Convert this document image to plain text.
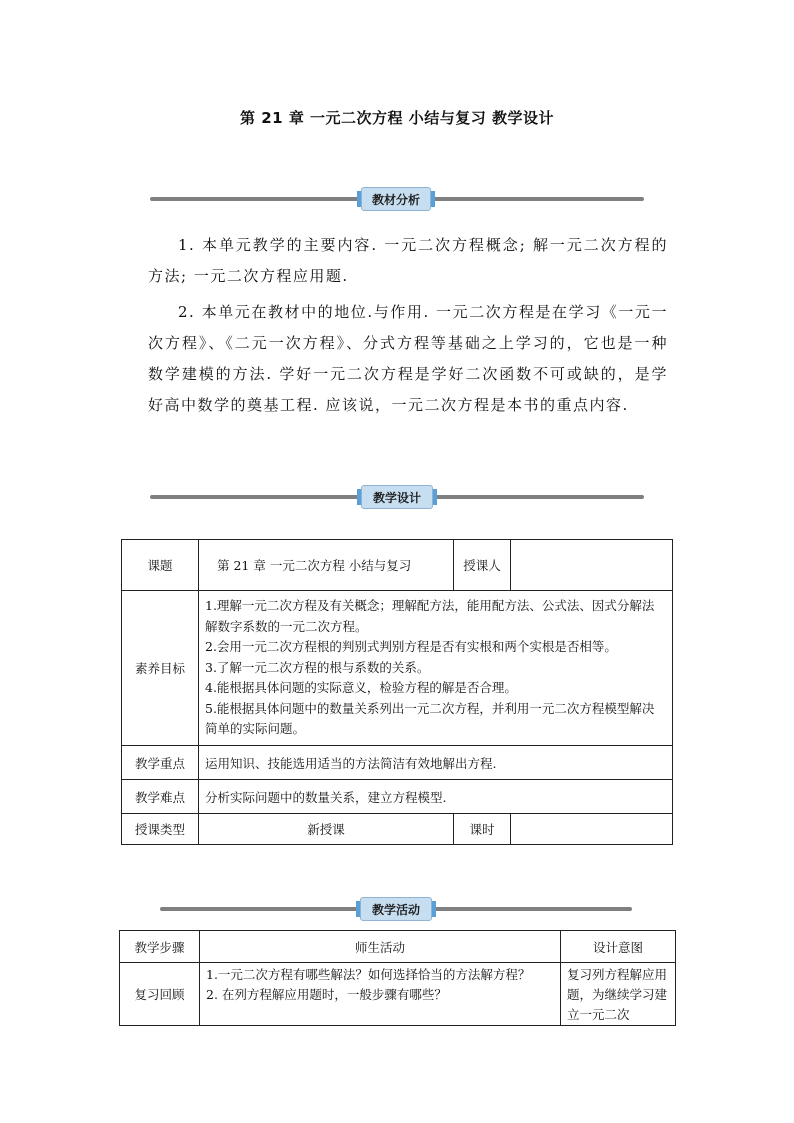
第 21 章 一元二次方程 小结与复习 教学设计
教材分析

1. 本单元教学的主要内容. 一元二次方程概念; 解一元二次方程的方法; 一元二次方程应用题.

2. 本单元在教材中的地位.与作用. 一元二次方程是在学习《一元一次方程》、《二元一次方程》、分式方程等基础之上学习的，它也是一种数学建模的方法. 学好一元二次方程是学好二次函数不可或缺的，是学好高中数学的奠基工程. 应该说，一元二次方程是本书的重点内容.

教学设计
课题	第 21 章 一元二次方程 小结与复习	授课人	
素养目标	1.理解一元二次方程及有关概念；理解配方法，能用配方法、公式法、因式分解法解数字系数的一元二次方程。
2.会用一元二次方程根的判别式判别方程是否有实根和两个实根是否相等。
3.了解一元二次方程的根与系数的关系。
4.能根据具体问题的实际意义，检验方程的解是否合理。
5.能根据具体问题中的数量关系列出一元二次方程，并利用一元二次方程模型解决简单的实际问题。		

教学重点	运用知识、技能选用适当的方法简洁有效地解出方程.		
教学难点	分析实际问题中的数量关系，建立方程模型.		
授课类型	新授课	课时	
教学活动
教学步骤	师生活动	设计意图
复习回顾	1.一元二次方程有哪些解法？如何选择恰当的方法解方程？
2. 在列方程解应用题时，一般步骤有哪些？	复习列方程解应用题，为继续学习建立一元二次
